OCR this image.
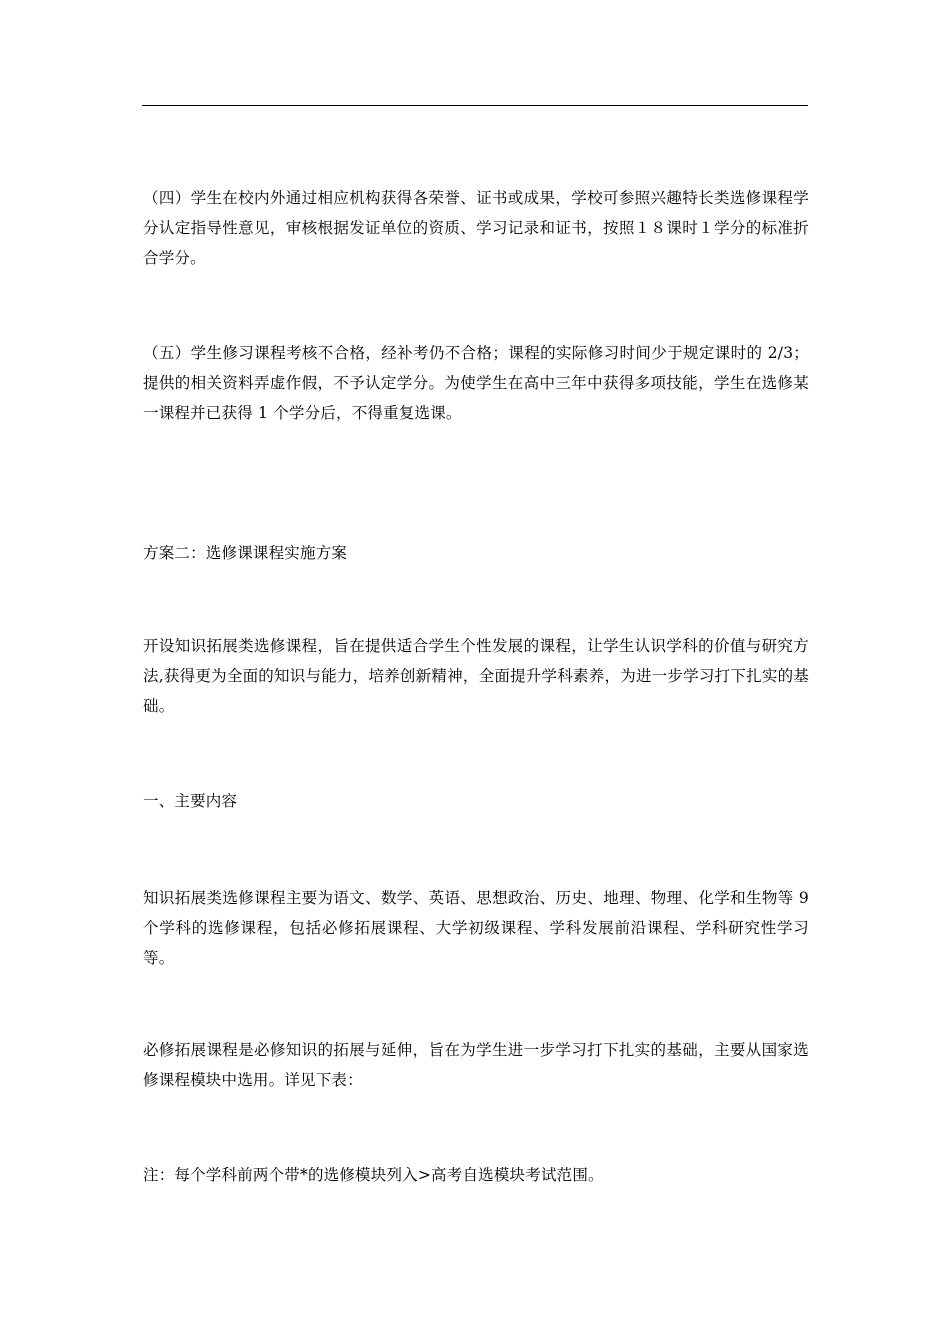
（四）学生在校内外通过相应机构获得各荣誉、证书或成果，学校可参照兴趣特长类选修课程学分认定指导性意见，审核根据发证单位的资质、学习记录和证书，按照１８课时１学分的标准折合学分。

（五）学生修习课程考核不合格，经补考仍不合格；课程的实际修习时间少于规定课时的 2/3；提供的相关资料弄虚作假，不予认定学分。为使学生在高中三年中获得多项技能，学生在选修某一课程并已获得 1 个学分后，不得重复选课。

方案二：选修课课程实施方案

开设知识拓展类选修课程，旨在提供适合学生个性发展的课程，让学生认识学科的价值与研究方法,获得更为全面的知识与能力，培养创新精神，全面提升学科素养，为进一步学习打下扎实的基础。

一、主要内容

知识拓展类选修课程主要为语文、数学、英语、思想政治、历史、地理、物理、化学和生物等 9 个学科的选修课程，包括必修拓展课程、大学初级课程、学科发展前沿课程、学科研究性学习等。

必修拓展课程是必修知识的拓展与延伸，旨在为学生进一步学习打下扎实的基础，主要从国家选修课程模块中选用。详见下表：

注：每个学科前两个带*的选修模块列入>高考自选模块考试范围。
